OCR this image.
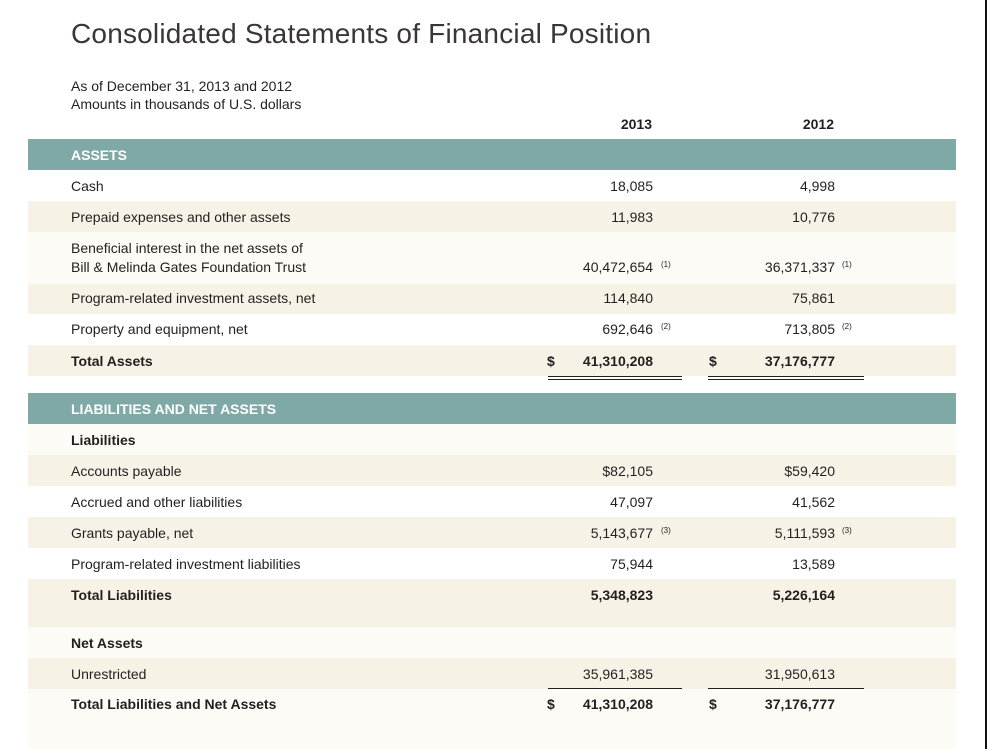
Consolidated Statements of Financial Position
As of December 31, 2013 and 2012
Amounts in thousands of U.S. dollars
2013	2012
ASSETS
Cash	18,085	4,998
Prepaid expenses and other assets	11,983	10,776
Beneficial interest in the net assets of
Bill & Melinda Gates Foundation Trust	40,472,654 (1)	36,371,337 (1)
Program-related investment assets, net	114,840	75,861
Property and equipment, net	692,646 (2)	713,805 (2)
Total Assets	$ 41,310,208	$	37,176,777
LIABILITIES AND NET ASSETS
Liabilities
Accounts payable	$82,105	$59,420
Accrued and other liabilities	47,097	41,562
Grants payable, net	5,143,677 (3)	5,111,593 (3)
Program-related investment liabilities	75,944	13,589
Total Liabilities	5,348,823	5,226,164
Net Assets
Unrestricted	35,961,385	31,950,613
Total Liabilities and Net Assets	$ 41,310,208	$	37,176,777
